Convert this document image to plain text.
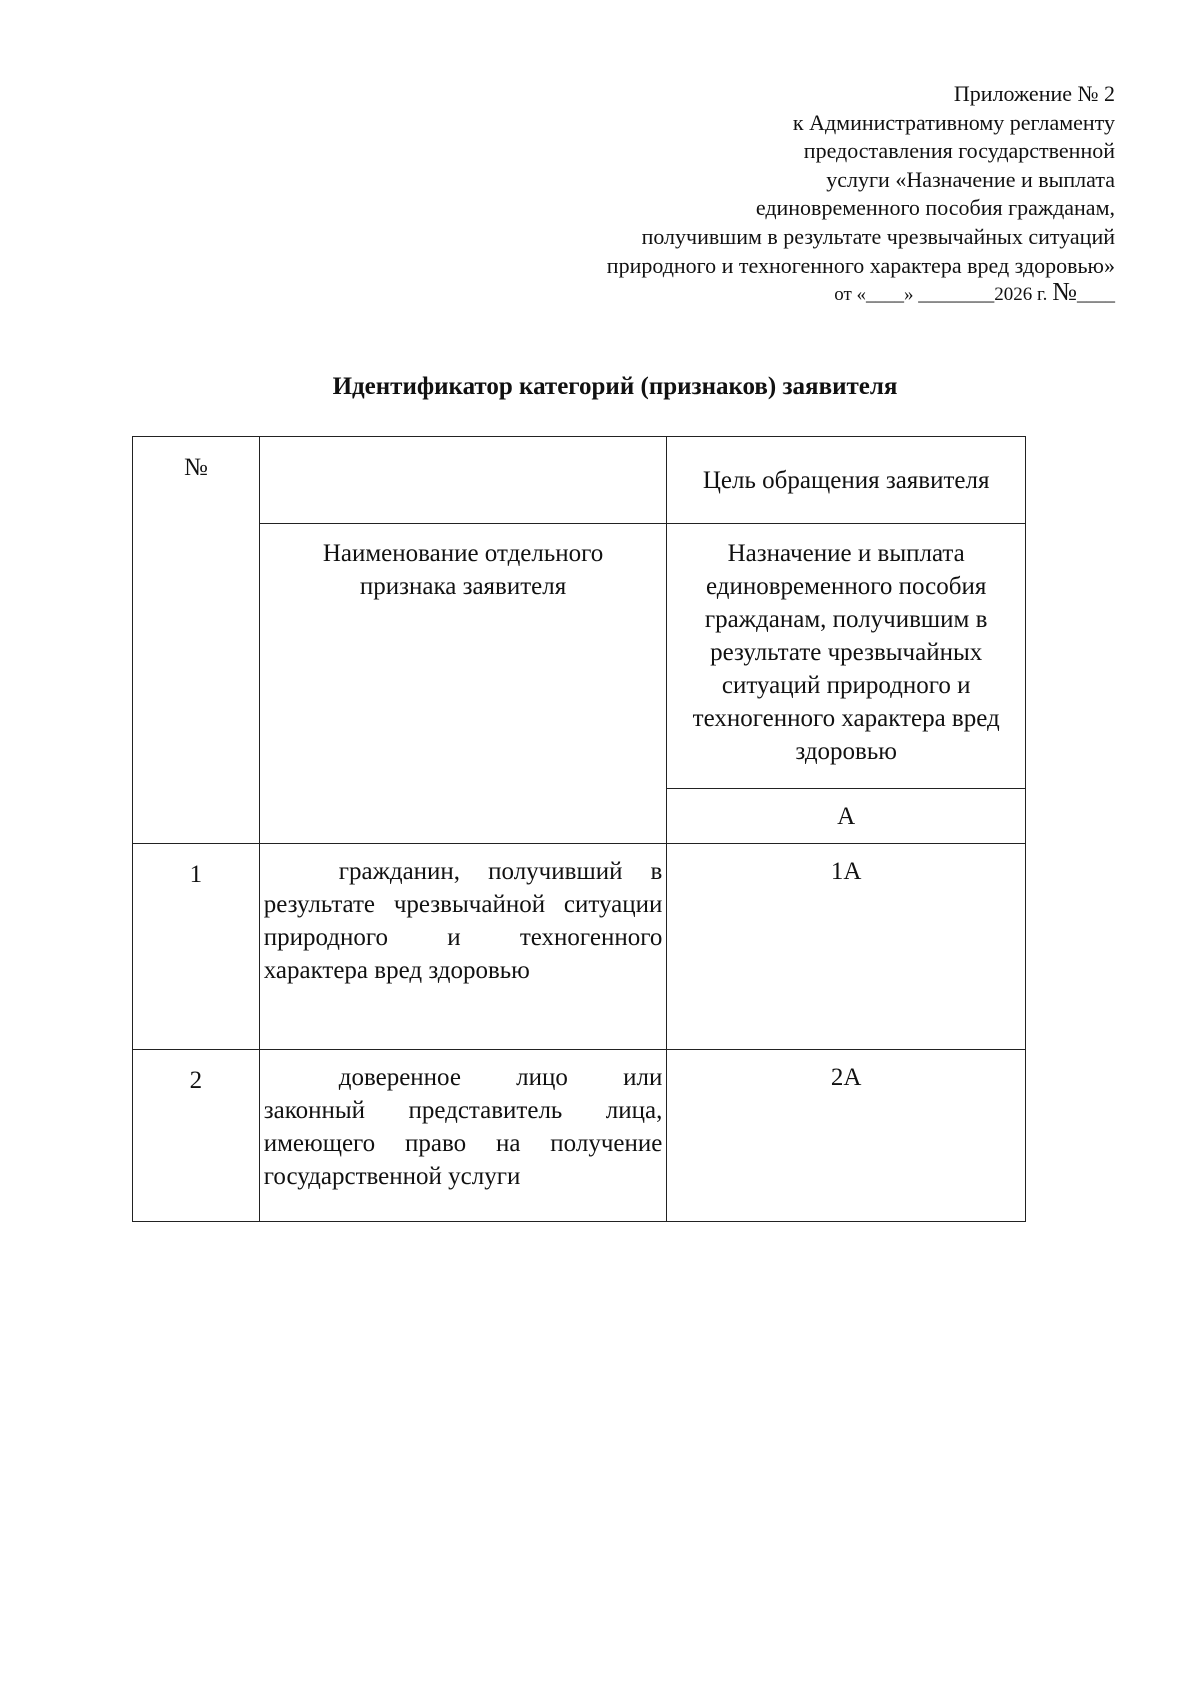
Приложение № 2
к Административному регламенту
предоставления государственной
услуги «Назначение и выплата
единовременного пособия гражданам,
получившим в результате чрезвычайных ситуаций
природного и техногенного характера вред здоровью»
от «____» ________2026 г. №____
Идентификатор категорий (признаков) заявителя
№		Цель обращения заявителя
	Наименование отдельного признака заявителя	Назначение и выплата единовременного пособия гражданам, получившим в результате чрезвычайных ситуаций природного и техногенного характера вред здоровью
		А
1	гражданин, получивший в результате чрезвычайной ситуации природного и техногенного характера вред здоровью	1А
2	доверенное лицо или законный представитель лица, имеющего право на получение государственной услуги	2А
